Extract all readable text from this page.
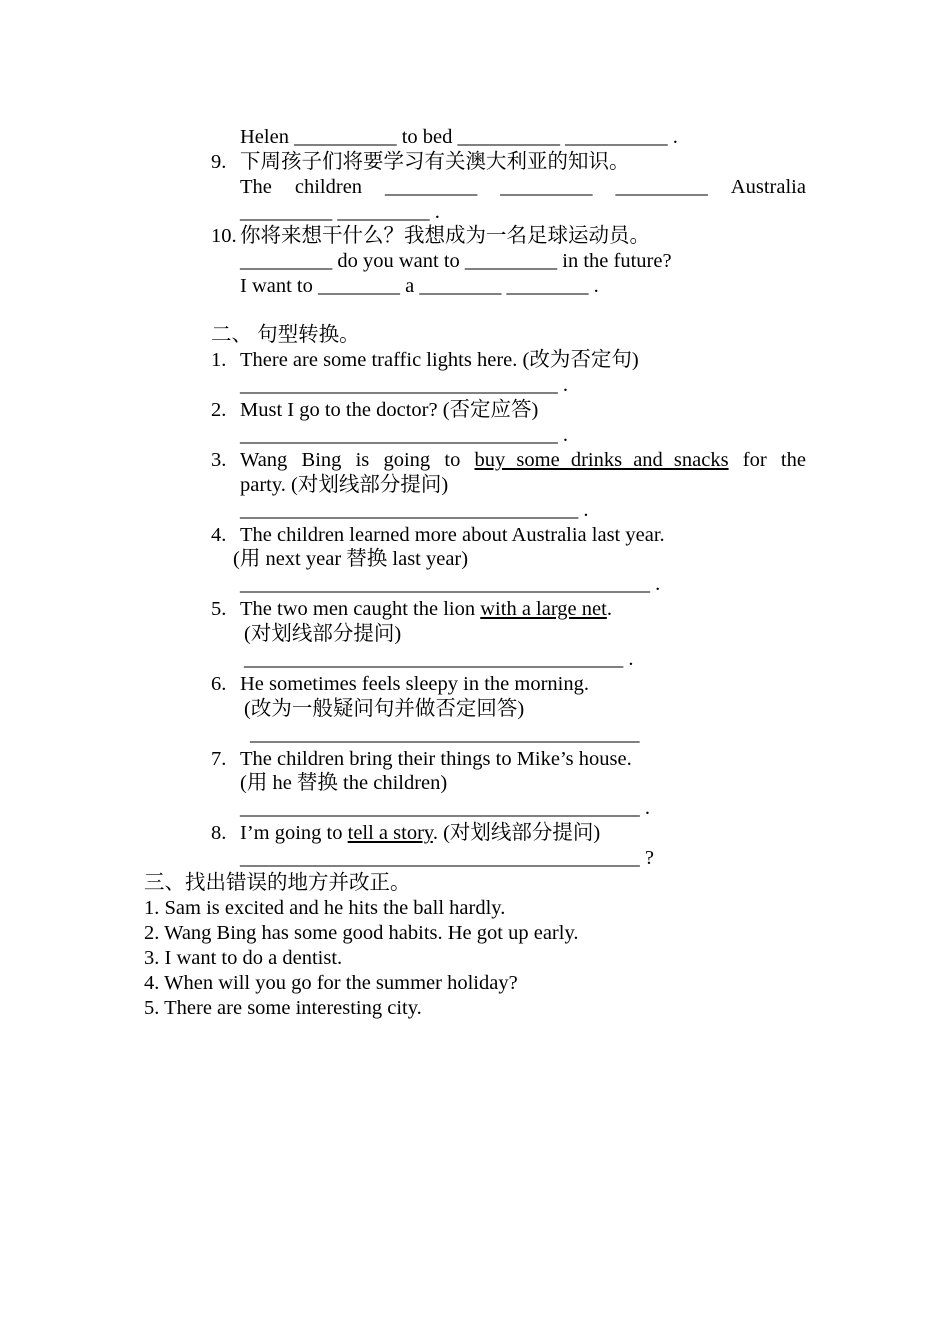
Helen __________ to bed __________ __________ .
9. 下周孩子们将要学习有关澳大利亚的知识。
The children _________ _________ _________ Australia
_________ _________ .
10. 你将来想干什么？我想成为一名足球运动员。
_________ do you want to _________ in the future?
I want to ________ a ________ ________ .
二、 句型转换。
1. There are some traffic lights here. (改为否定句)
_______________________________ .
2. Must I go to the doctor? (否定应答)
_______________________________ .
3. Wang Bing is going to buy some drinks and snacks for the
party. (对划线部分提问)
_________________________________ .
4. The children learned more about Australia last year.
(用 next year 替换 last year)
________________________________________ .
5. The two men caught the lion with a large net.
(对划线部分提问)
_____________________________________ .
6. He sometimes feels sleepy in the morning.
(改为一般疑问句并做否定回答)
______________________________________
7. The children bring their things to Mike’s house.
(用 he 替换 the children)
_______________________________________ .
8. I’m going to tell a story. (对划线部分提问)
_______________________________________ ?
三、找出错误的地方并改正。
1. Sam is excited and he hits the ball hardly.
2. Wang Bing has some good habits. He got up early.
3. I want to do a dentist.
4. When will you go for the summer holiday?
5. There are some interesting city.
